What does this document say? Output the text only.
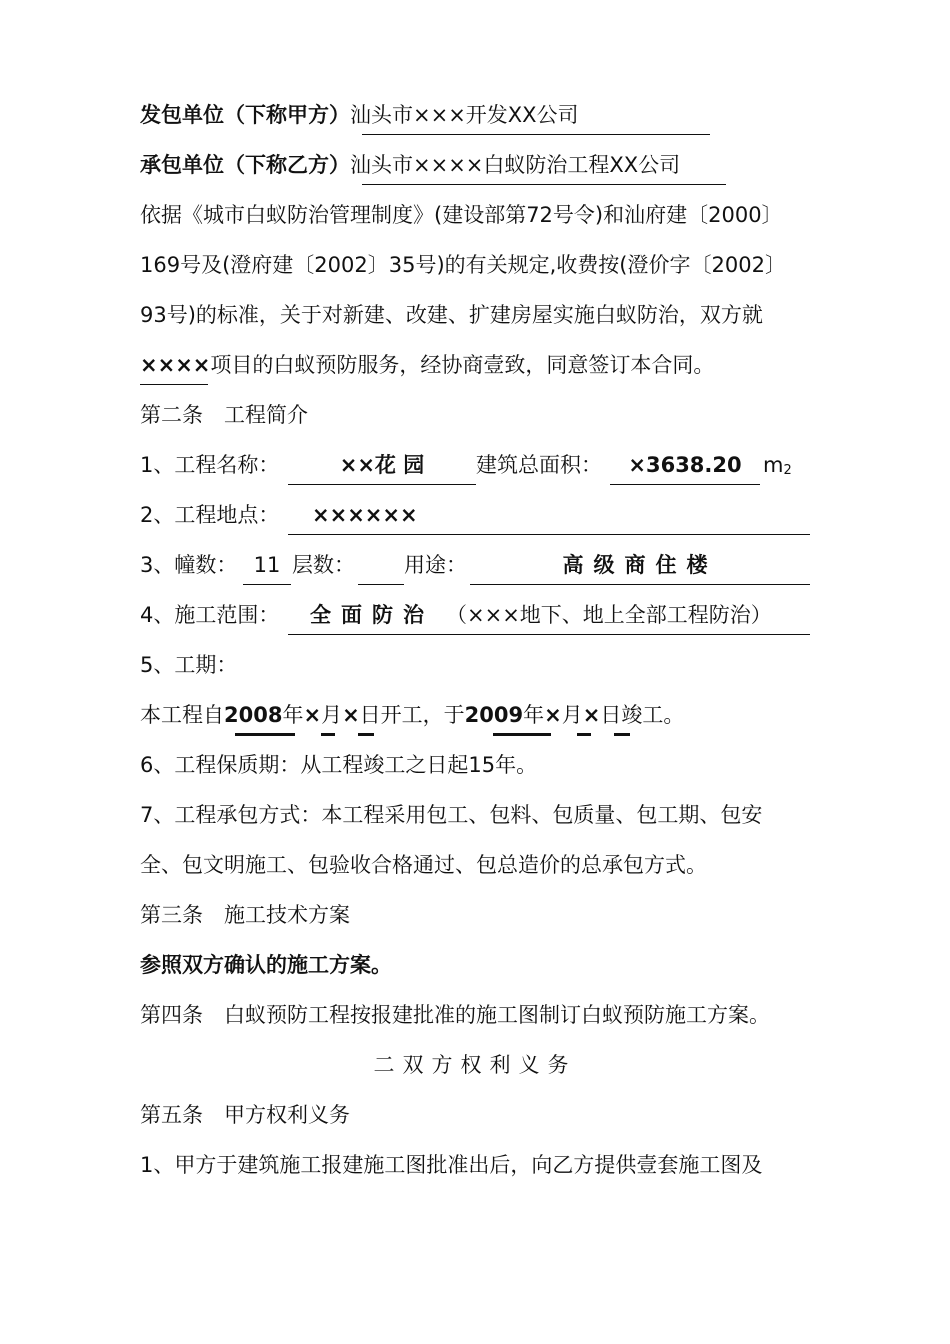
发包单位（下称甲方）汕头市×××开发XX公司
承包单位（下称乙方）汕头市××××白蚁防治工程XX公司
依据《城市白蚁防治管理制度》(建设部第72号令)和汕府建〔2000〕
169号及(澄府建〔2002〕35号)的有关规定,收费按(澄价字〔2002〕
93号)的标准，关于对新建、改建、扩建房屋实施白蚁防治，双方就
××××项目的白蚁预防服务，经协商壹致，同意签订本合同。
第二条　工程简介
1、工程名称：	××花 园	建筑总面积：	×3638.20	m2
2、工程地点： ××××××
3、幢数： 11 层数： 用途：	高级商住楼
4、施工范围： 全面防治 （×××地下、地上全部工程防治）
5、工期：
本工程自2008年×月×日开工，于2009年×月×日竣工。
6、工程保质期：从工程竣工之日起15年。
7、工程承包方式：本工程采用包工、包料、包质量、包工期、包安
全、包文明施工、包验收合格通过、包总造价的总承包方式。
第三条　施工技术方案
参照双方确认的施工方案。
第四条　白蚁预防工程按报建批准的施工图制订白蚁预防施工方案。
二双方权利义务
第五条　甲方权利义务
1、甲方于建筑施工报建施工图批准出后，向乙方提供壹套施工图及
